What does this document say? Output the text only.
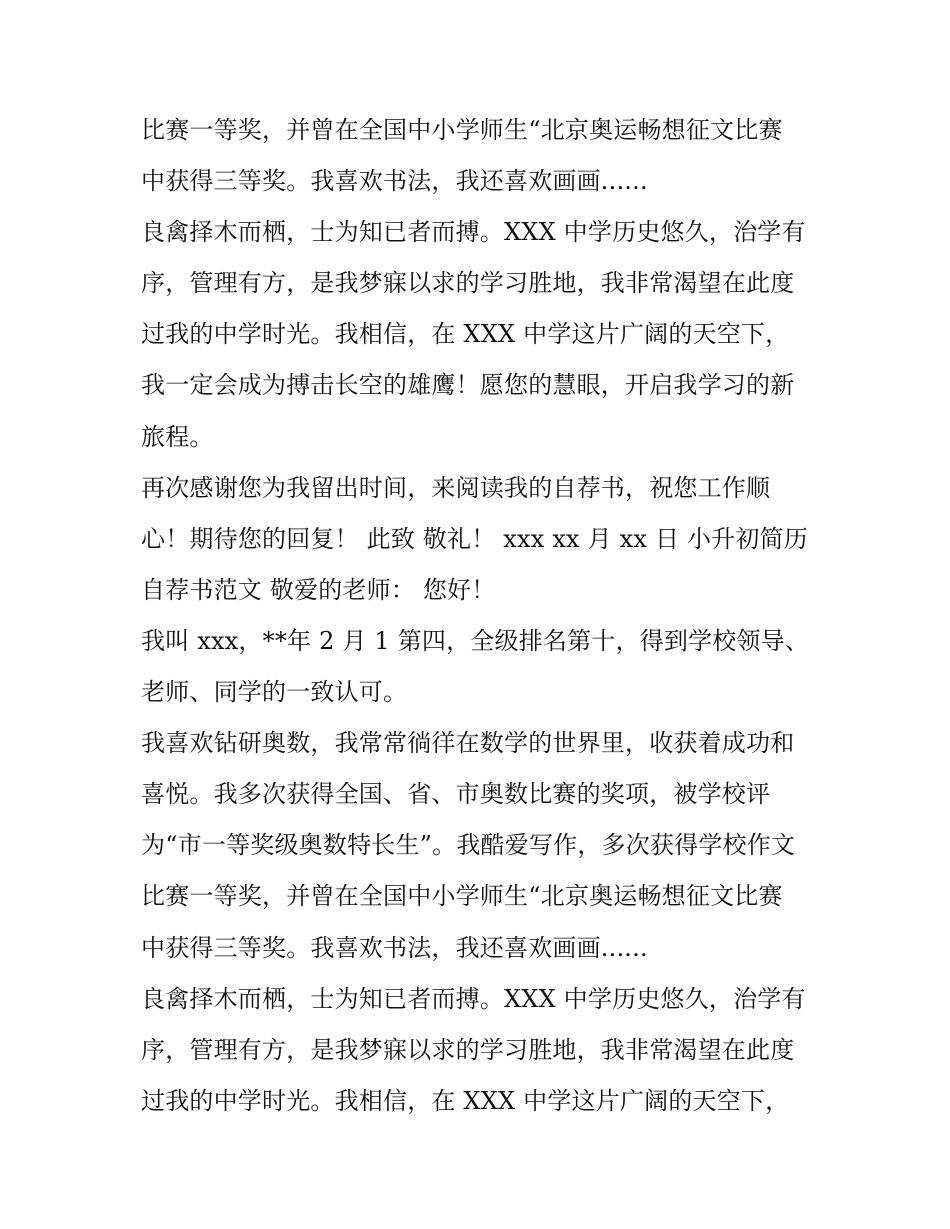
比赛一等奖，并曾在全国中小学师生“北京奥运畅想征文比赛
中获得三等奖。我喜欢书法，我还喜欢画画......
良禽择木而栖，士为知已者而搏。XXX 中学历史悠久，治学有
序，管理有方，是我梦寐以求的学习胜地，我非常渴望在此度
过我的中学时光。我相信，在 XXX 中学这片广阔的天空下，
我一定会成为搏击长空的雄鹰！愿您的慧眼，开启我学习的新
旅程。
再次感谢您为我留出时间，来阅读我的自荐书，祝您工作顺
心！期待您的回复！ 此致 敬礼！ xxx xx 月 xx 日 小升初简历
自荐书范文 敬爱的老师： 您好！
我叫 xxx，**年 2 月 1 第四，全级排名第十，得到学校领导、
老师、同学的一致认可。
我喜欢钻研奥数，我常常徜徉在数学的世界里，收获着成功和
喜悦。我多次获得全国、省、市奥数比赛的奖项，被学校评
为“市一等奖级奥数特长生”。我酷爱写作，多次获得学校作文
比赛一等奖，并曾在全国中小学师生“北京奥运畅想征文比赛
中获得三等奖。我喜欢书法，我还喜欢画画......
良禽择木而栖，士为知已者而搏。XXX 中学历史悠久，治学有
序，管理有方，是我梦寐以求的学习胜地，我非常渴望在此度
过我的中学时光。我相信，在 XXX 中学这片广阔的天空下，
